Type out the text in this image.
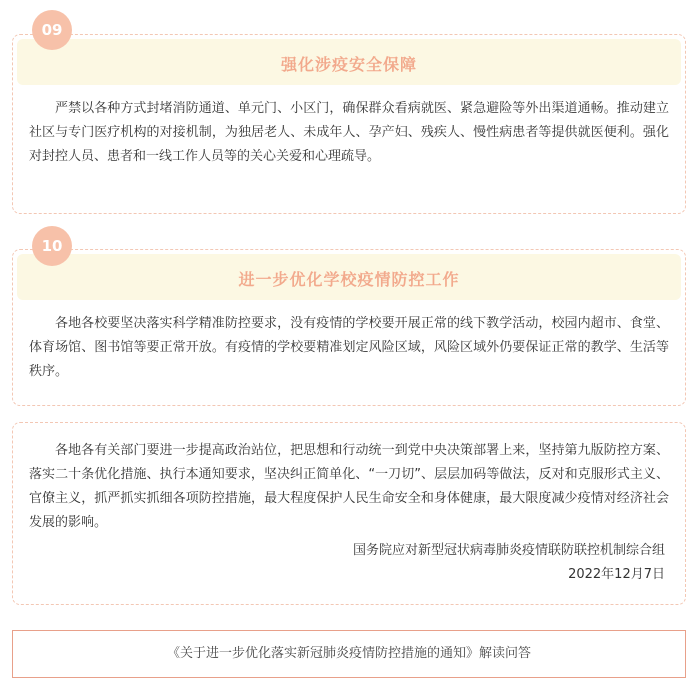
强化涉疫安全保障
严禁以各种方式封堵消防通道、单元门、小区门，确保群众看病就医、紧急避险等外出渠道通畅。推动建立社区与专门医疗机构的对接机制，为独居老人、未成年人、孕产妇、残疾人、慢性病患者等提供就医便利。强化对封控人员、患者和一线工作人员等的关心关爱和心理疏导。
09
进一步优化学校疫情防控工作
各地各校要坚决落实科学精准防控要求，没有疫情的学校要开展正常的线下教学活动，校园内超市、食堂、体育场馆、图书馆等要正常开放。有疫情的学校要精准划定风险区域，风险区域外仍要保证正常的教学、生活等秩序。
10
各地各有关部门要进一步提高政治站位，把思想和行动统一到党中央决策部署上来，坚持第九版防控方案、落实二十条优化措施、执行本通知要求，坚决纠正简单化、“一刀切”、层层加码等做法，反对和克服形式主义、官僚主义，抓严抓实抓细各项防控措施，最大程度保护人民生命安全和身体健康，最大限度减少疫情对经济社会发展的影响。
国务院应对新型冠状病毒肺炎疫情联防联控机制综合组
2022年12月7日
《关于进一步优化落实新冠肺炎疫情防控措施的通知》解读问答
